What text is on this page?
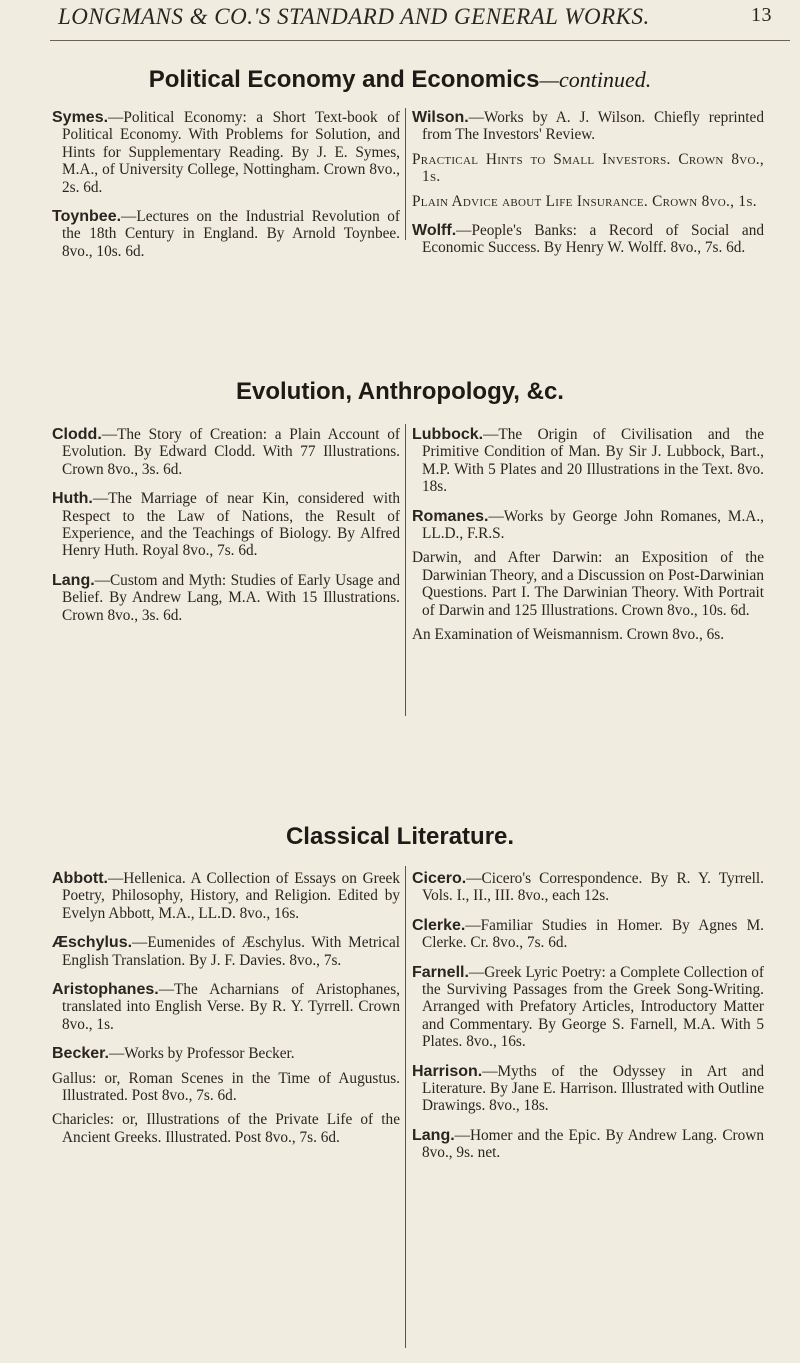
LONGMANS & CO.'S STANDARD AND GENERAL WORKS.	13
Political Economy and Economics—continued.
Symes.—Political Economy: a Short Text-book of Political Economy. With Problems for Solution, and Hints for Supplementary Reading. By J. E. Symes, M.A., of University College, Nottingham. Crown 8vo., 2s. 6d.
Toynbee.—Lectures on the Industrial Revolution of the 18th Century in England. By Arnold Toynbee. 8vo., 10s. 6d.
Wilson.—Works by A. J. Wilson. Chiefly reprinted from The Investors' Review.
Practical Hints to Small Investors. Crown 8vo., 1s.
Plain Advice about Life Insurance. Crown 8vo., 1s.
Wolff.—People's Banks: a Record of Social and Economic Success. By Henry W. Wolff. 8vo., 7s. 6d.
Evolution, Anthropology, &c.
Clodd.—The Story of Creation: a Plain Account of Evolution. By Edward Clodd. With 77 Illustrations. Crown 8vo., 3s. 6d.
Huth.—The Marriage of near Kin, considered with Respect to the Law of Nations, the Result of Experience, and the Teachings of Biology. By Alfred Henry Huth. Royal 8vo., 7s. 6d.
Lang.—Custom and Myth: Studies of Early Usage and Belief. By Andrew Lang, M.A. With 15 Illustrations. Crown 8vo., 3s. 6d.
Lubbock.—The Origin of Civilisation and the Primitive Condition of Man. By Sir J. Lubbock, Bart., M.P. With 5 Plates and 20 Illustrations in the Text. 8vo. 18s.
Romanes.—Works by George John Romanes, M.A., LL.D., F.R.S.
Darwin, and After Darwin: an Exposition of the Darwinian Theory, and a Discussion on Post-Darwinian Questions. Part I. The Darwinian Theory. With Portrait of Darwin and 125 Illustrations. Crown 8vo., 10s. 6d.
An Examination of Weismannism. Crown 8vo., 6s.
Classical Literature.
Abbott.—Hellenica. A Collection of Essays on Greek Poetry, Philosophy, History, and Religion. Edited by Evelyn Abbott, M.A., LL.D. 8vo., 16s.
Æschylus.—Eumenides of Æschylus. With Metrical English Translation. By J. F. Davies. 8vo., 7s.
Aristophanes.—The Acharnians of Aristophanes, translated into English Verse. By R. Y. Tyrrell. Crown 8vo., 1s.
Becker.—Works by Professor Becker.
Gallus: or, Roman Scenes in the Time of Augustus. Illustrated. Post 8vo., 7s. 6d.
Charicles: or, Illustrations of the Private Life of the Ancient Greeks. Illustrated. Post 8vo., 7s. 6d.
Cicero.—Cicero's Correspondence. By R. Y. Tyrrell. Vols. I., II., III. 8vo., each 12s.
Clerke.—Familiar Studies in Homer. By Agnes M. Clerke. Cr. 8vo., 7s. 6d.
Farnell.—Greek Lyric Poetry: a Complete Collection of the Surviving Passages from the Greek Song-Writing. Arranged with Prefatory Articles, Introductory Matter and Commentary. By George S. Farnell, M.A. With 5 Plates. 8vo., 16s.
Harrison.—Myths of the Odyssey in Art and Literature. By Jane E. Harrison. Illustrated with Outline Drawings. 8vo., 18s.
Lang.—Homer and the Epic. By Andrew Lang. Crown 8vo., 9s. net.
